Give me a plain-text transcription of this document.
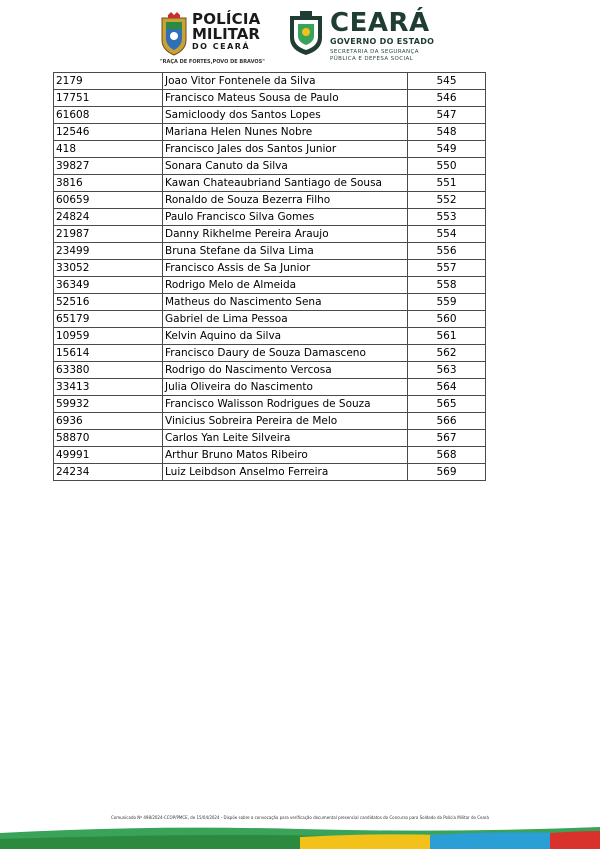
POLÍCIA
MILITAR
DO CEARÁ
"RAÇA DE FORTES,POVO DE BRAVOS"
CEARÁ
GOVERNO DO ESTADO
SECRETARIA DA SEGURANÇA
PÚBLICA E DEFESA SOCIAL
2179	Joao Vitor Fontenele da Silva	545
17751	Francisco Mateus Sousa de Paulo	546
61608	Samicloody dos Santos Lopes	547
12546	Mariana Helen Nunes Nobre	548
418	Francisco Jales dos Santos Junior	549
39827	Sonara Canuto da Silva	550
3816	Kawan Chateaubriand Santiago de Sousa	551
60659	Ronaldo de Souza Bezerra Filho	552
24824	Paulo Francisco Silva Gomes	553
21987	Danny Rikhelme Pereira Araujo	554
23499	Bruna Stefane da Silva Lima	556
33052	Francisco Assis de Sa Junior	557
36349	Rodrigo Melo de Almeida	558
52516	Matheus do Nascimento Sena	559
65179	Gabriel de Lima Pessoa	560
10959	Kelvin Aquino da Silva	561
15614	Francisco Daury de Souza Damasceno	562
63380	Rodrigo do Nascimento Vercosa	563
33413	Julia Oliveira do Nascimento	564
59932	Francisco Walisson Rodrigues de Souza	565
6936	Vinicius Sobreira Pereira de Melo	566
58870	Carlos Yan Leite Silveira	567
49991	Arthur Bruno Matos Ribeiro	568
24234	Luiz Leibdson Anselmo Ferreira	569
Comunicado Nº 498/2024-CCOP/PMCE, de 15/04/2024 - Dispõe sobre a convocação para verificação documental presencial candidatos do Concurso para Soldado da Polícia Militar do Ceará
